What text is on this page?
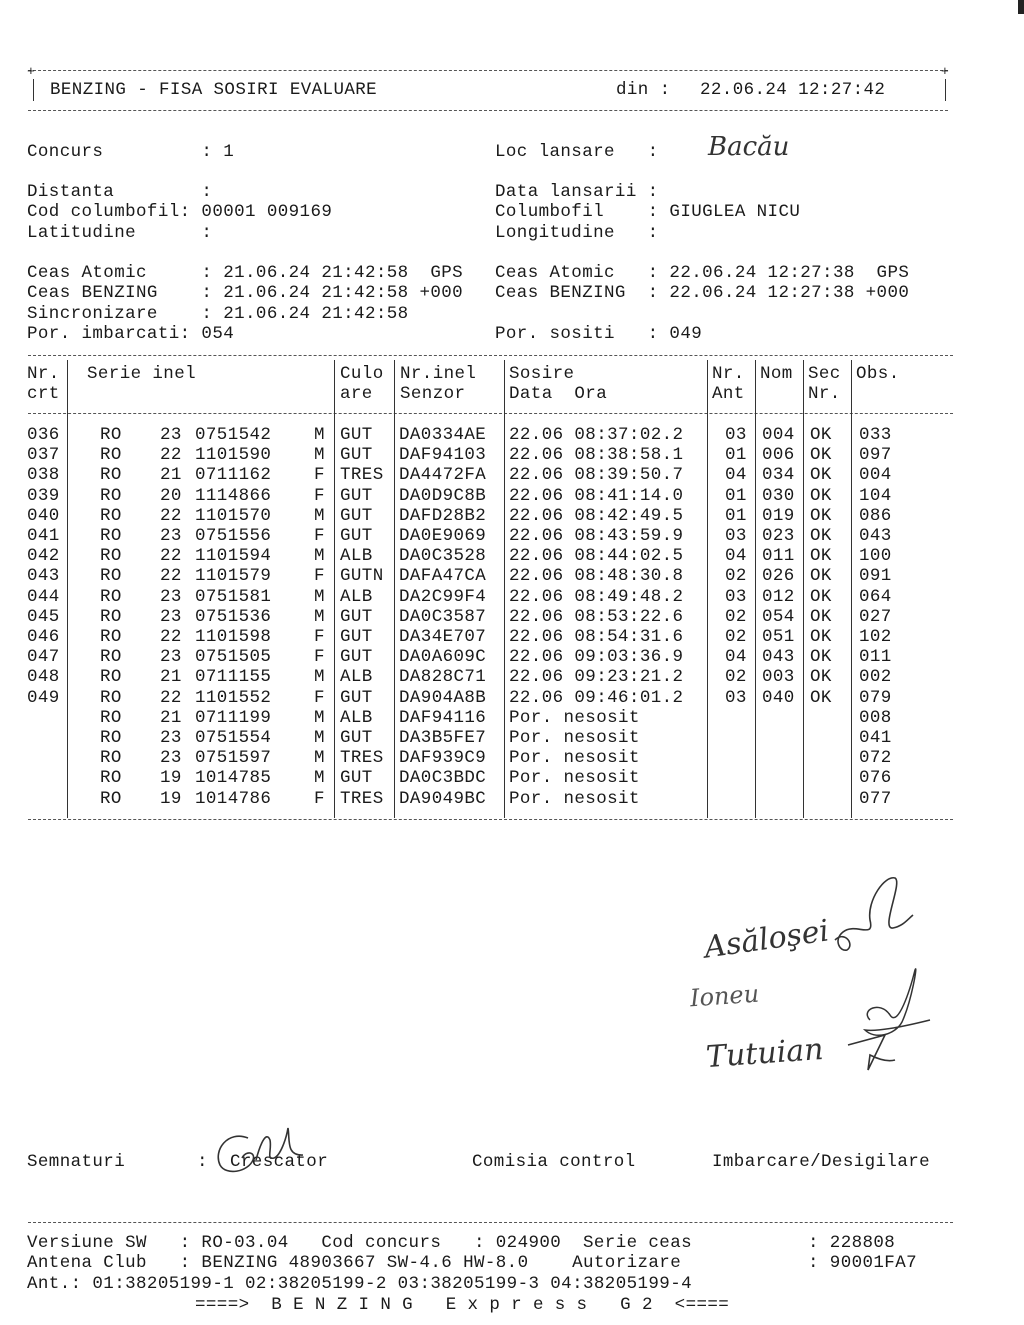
+	+
BENZING - FISA SOSIRI EVALUARE	din : 22.06.24 12:27:42
Concurs         : 1	Loc lansare   : Bacău
Distanta        :	Data lansarii :
Cod columbofil: 00001 009169	Columbofil    : GIUGLEA NICU
Latitudine      :	Longitudine   :
Ceas Atomic     : 21.06.24 21:42:58  GPS Ceas Atomic   : 22.06.24 12:27:38  GPS
Ceas BENZING    : 21.06.24 21:42:58 +000 Ceas BENZING  : 22.06.24 12:27:38 +000
Sincronizare    : 21.06.24 21:42:58
Por. imbarcati: 054	Por. sositi   : 049
Nr. Serie inel	Culo Nr.inel Sosire	Nr. Nom Sec Obs.
crt	are Senzor Data  Ora	Ant	Nr.
036 RO 23 0751542 M GUT DA0334AE 22.06 08:37:02.2 03 004 OK 033
037 RO 22 1101590 M GUT DAF94103 22.06 08:38:58.1 01 006 OK 097
038 RO 21 0711162 F TRES DA4472FA 22.06 08:39:50.7 04 034 OK 004
039 RO 20 1114866 F GUT DA0D9C8B 22.06 08:41:14.0 01 030 OK 104
040 RO 22 1101570 M GUT DAFD28B2 22.06 08:42:49.5 01 019 OK 086
041 RO 23 0751556 F GUT DA0E9069 22.06 08:43:59.9 03 023 OK 043
042 RO 22 1101594 M ALB DA0C3528 22.06 08:44:02.5 04 011 OK 100
043 RO 22 1101579 F GUTN DAFA47CA 22.06 08:48:30.8 02 026 OK 091
044 RO 23 0751581 M ALB DA2C99F4 22.06 08:49:48.2 03 012 OK 064
045 RO 23 0751536 M GUT DA0C3587 22.06 08:53:22.6 02 054 OK 027
046 RO 22 1101598 F GUT DA34E707 22.06 08:54:31.6 02 051 OK 102
047 RO 23 0751505 F GUT DA0A609C 22.06 09:03:36.9 04 043 OK 011
048 RO 21 0711155 M ALB DA828C71 22.06 09:23:21.2 02 003 OK 002
049 RO 22 1101552 F GUT DA904A8B 22.06 09:46:01.2 03 040 OK 079
RO 21 0711199 M ALB DAF94116 Por. nesosit	008
RO 23 0751554 M GUT DA3B5FE7 Por. nesosit	041
RO 23 0751597 M TRES DAF939C9 Por. nesosit	072
RO 19 1014785 M GUT DA0C3BDC Por. nesosit	076
RO 19 1014786 F TRES DA9049BC Por. nesosit	077
Asăloşei
Ioneu
Tutuian
Semnaturi	: Crescator	Comisia control	Imbarcare/Desigilare
Versiune SW   : RO-03.04   Cod concurs   : 024900  Serie ceas	: 228808
Antena Club   : BENZING 48903667 SW-4.6 HW-8.0    Autorizare	: 90001FA7
Ant.: 01:38205199-1 02:38205199-2 03:38205199-3 04:38205199-4
====>  B E N Z I N G   E x p r e s s   G 2  <====
